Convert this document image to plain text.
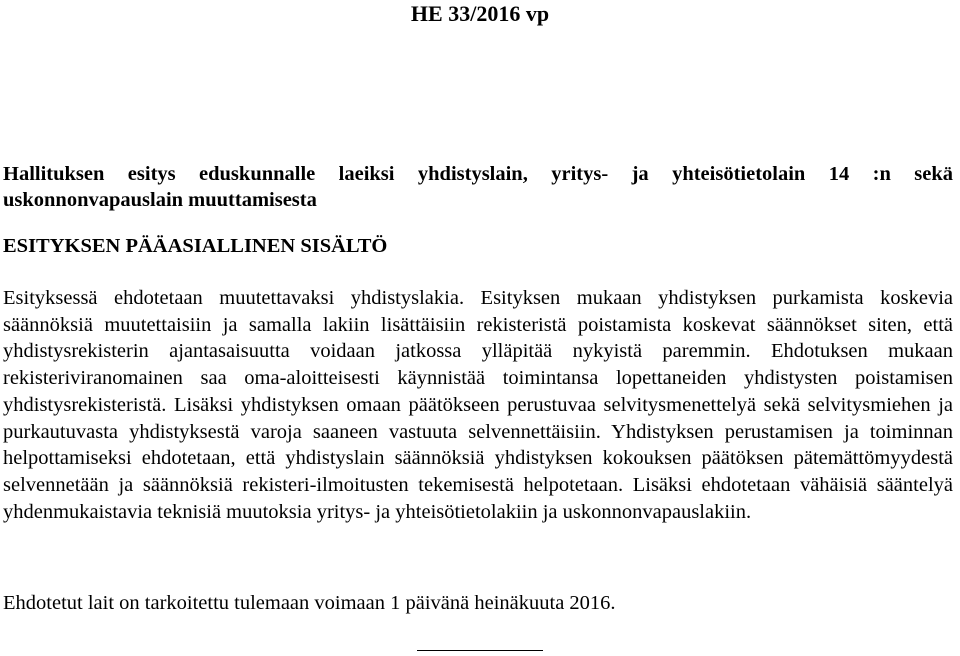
HE 33/2016 vp
Hallituksen esitys eduskunnalle laeiksi yhdistyslain, yritys- ja yhteisötietolain 14 :n sekä uskonnonvapauslain muuttamisesta
ESITYKSEN PÄÄASIALLINEN SISÄLTÖ
Esityksessä ehdotetaan muutettavaksi yhdistyslakia. Esityksen mukaan yhdistyksen purkamista koskevia säännöksiä muutettaisiin ja samalla lakiin lisättäisiin rekisteristä poistamista koskevat säännökset siten, että yhdistysrekisterin ajantasaisuutta voidaan jatkossa ylläpitää nykyistä paremmin. Ehdotuksen mukaan rekisteriviranomainen saa oma-aloitteisesti käynnistää toimintansa lopettaneiden yhdistysten poistamisen yhdistysrekisteristä. Lisäksi yhdistyksen omaan päätökseen perustuvaa selvitysmenettelyä sekä selvitysmiehen ja purkautuvasta yhdistyksestä varoja saaneen vastuuta selvennettäisiin. Yhdistyksen perustamisen ja toiminnan helpottamiseksi ehdotetaan, että yhdistyslain säännöksiä yhdistyksen kokouksen päätöksen pätemättömyydestä selvennetään ja säännöksiä rekisteri-ilmoitusten tekemisestä helpotetaan. Lisäksi ehdotetaan vähäisiä sääntelyä yhdenmukaistavia teknisiä muutoksia yritys- ja yhteisötietolakiin ja uskonnonvapauslakiin.
Ehdotetut lait on tarkoitettu tulemaan voimaan 1 päivänä heinäkuuta 2016.
